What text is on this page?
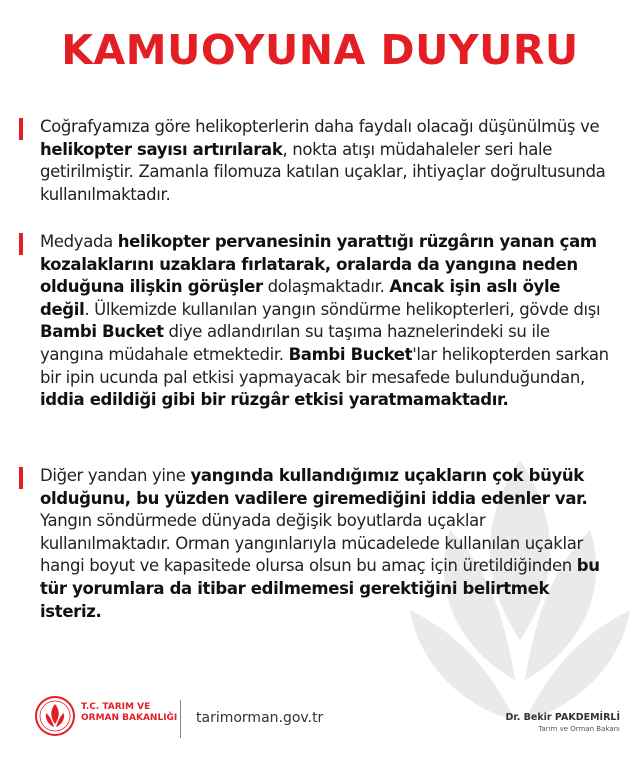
KAMUOYUNA DUYURU
Coğrafyamıza göre helikopterlerin daha faydalı olacağı düşünülmüş ve helikopter sayısı artırılarak, nokta atışı müdahaleler seri hale getirilmiştir. Zamanla filomuza katılan uçaklar, ihtiyaçlar doğrultusunda kullanılmaktadır.
Medyada helikopter pervanesinin yarattığı rüzgârın yanan çam kozalaklarını uzaklara fırlatarak, oralarda da yangına neden olduğuna ilişkin görüşler dolaşmaktadır. Ancak işin aslı öyle değil. Ülkemizde kullanılan yangın söndürme helikopterleri, gövde dışı Bambi Bucket diye adlandırılan su taşıma haznelerindeki su ile yangına müdahale etmektedir. Bambi Bucket'lar helikopterden sarkan bir ipin ucunda pal etkisi yapmayacak bir mesafede bulunduğundan, iddia edildiği gibi bir rüzgâr etkisi yaratmamaktadır.
Diğer yandan yine yangında kullandığımız uçakların çok büyük olduğunu, bu yüzden vadilere giremediğini iddia edenler var. Yangın söndürmede dünyada değişik boyutlarda uçaklar kullanılmaktadır. Orman yangınlarıyla mücadelede kullanılan uçaklar hangi boyut ve kapasitede olursa olsun bu amaç için üretildiğinden bu tür yorumlara da itibar edilmemesi gerektiğini belirtmek isteriz.
T.C. TARIM VE
ORMAN BAKANLIĞI tarimorman.gov.tr	Dr. Bekir PAKDEMİRLİ
Tarım ve Orman Bakanı
